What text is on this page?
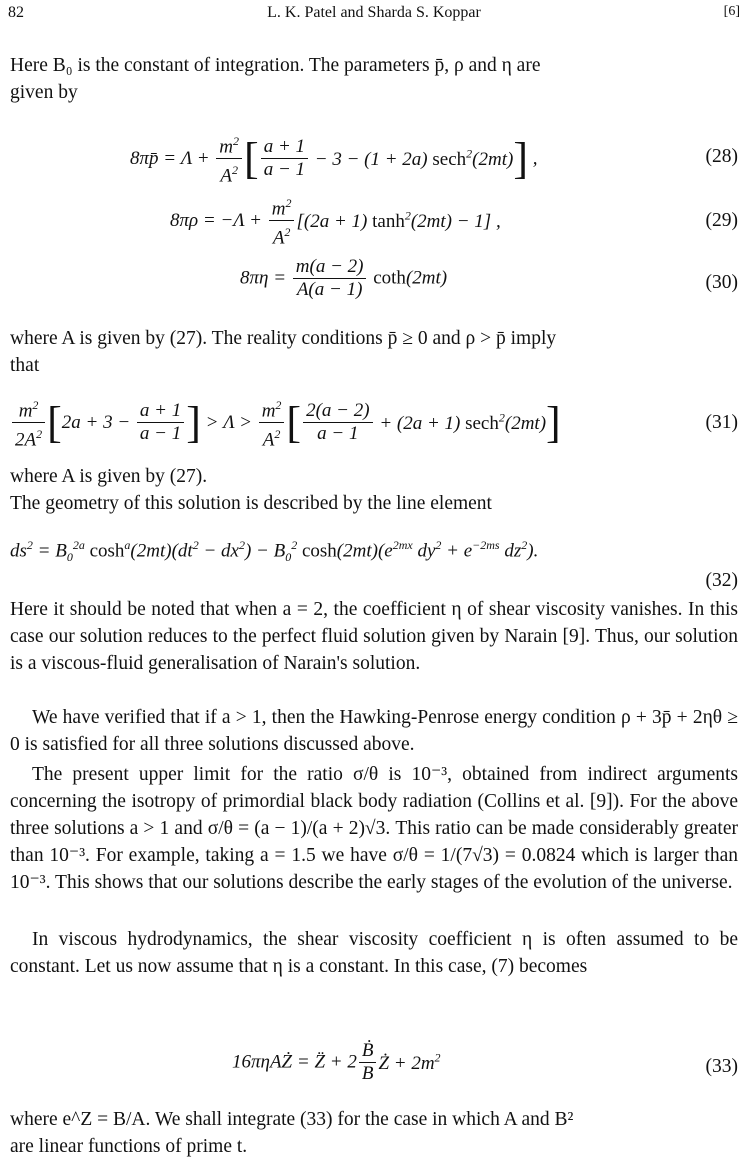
82	L. K. Patel and Sharda S. Koppar	[6]
Here B₀ is the constant of integration. The parameters p̄, ρ and η are
given by
8πp̄ = $\Lambda + \frac{m^2}{A^2}$ [ $\frac{a + 1}{a - 1} - 3 - (1 + 2a)$ sech$^2$(2mt)] ,	(28)
$8\pi\rho = -\Lambda + \frac{m^2}{A^2} [(2a + 1) \tanh^2(2mt) - 1]$ ,	(29)
$8\pi\eta = \frac{m(a - 2)}{A(a - 1)} \cot h(2mt)$	(30)
where A is given by (27). The reality conditions p̄ ≥ 0 and ρ > p̄ imply
that
$\frac{m^2}{2A^2} [2a + 3 - \frac{a + 1}{a - 1}$ ] > $\Lambda > \frac{m^2}{A^2}$ [ $\frac{2(a - 2)}{a - 1} + (2a + 1)$ sech$^2$(2mt)]	(31)
where A is given by (27).
The geometry of this solution is described by the line element
$ds^2 = B_0^{2a}$ $\cosh^a(2mt)(dt^2 - dx^2) - B_0^2$ $\cosh(2mt)(e^{2mx}$ $dy^2 + e^{-2ms}$ $dz^2$).
(32)
Here it should be noted that when a = 2, the coefficient η of shear viscosity vanishes. In this case our solution reduces to the perfect fluid solution given by Narain [9]. Thus, our solution is a viscous-fluid generalisation of Narain's solution.
We have verified that if a > 1, then the Hawking-Penrose energy condition ρ + 3p̄ + 2ηθ ≥ 0 is satisfied for all three solutions discussed above.
The present upper limit for the ratio σ/θ is 10⁻³, obtained from indirect arguments concerning the isotropy of primordial black body radiation (Collins et al. [9]). For the above three solutions a > 1 and σ/θ = (a − 1)/(a + 2)√3. This ratio can be made considerably greater than 10⁻³. For example, taking a = 1.5 we have σ/θ = 1/(7√3) = 0.0824 which is larger than 10⁻³. This shows that our solutions describe the early stages of the evolution of the universe.
In viscous hydrodynamics, the shear viscosity coefficient η is often assumed to be constant. Let us now assume that η is a constant. In this case, (7) becomes
16πηAŻ = Z̈ + $2 \frac{\text{Ḃ}}{B}$ Ż + $2m^2$	(33)
where e^Z = B/A. We shall integrate (33) for the case in which A and B²
are linear functions of prime t.
